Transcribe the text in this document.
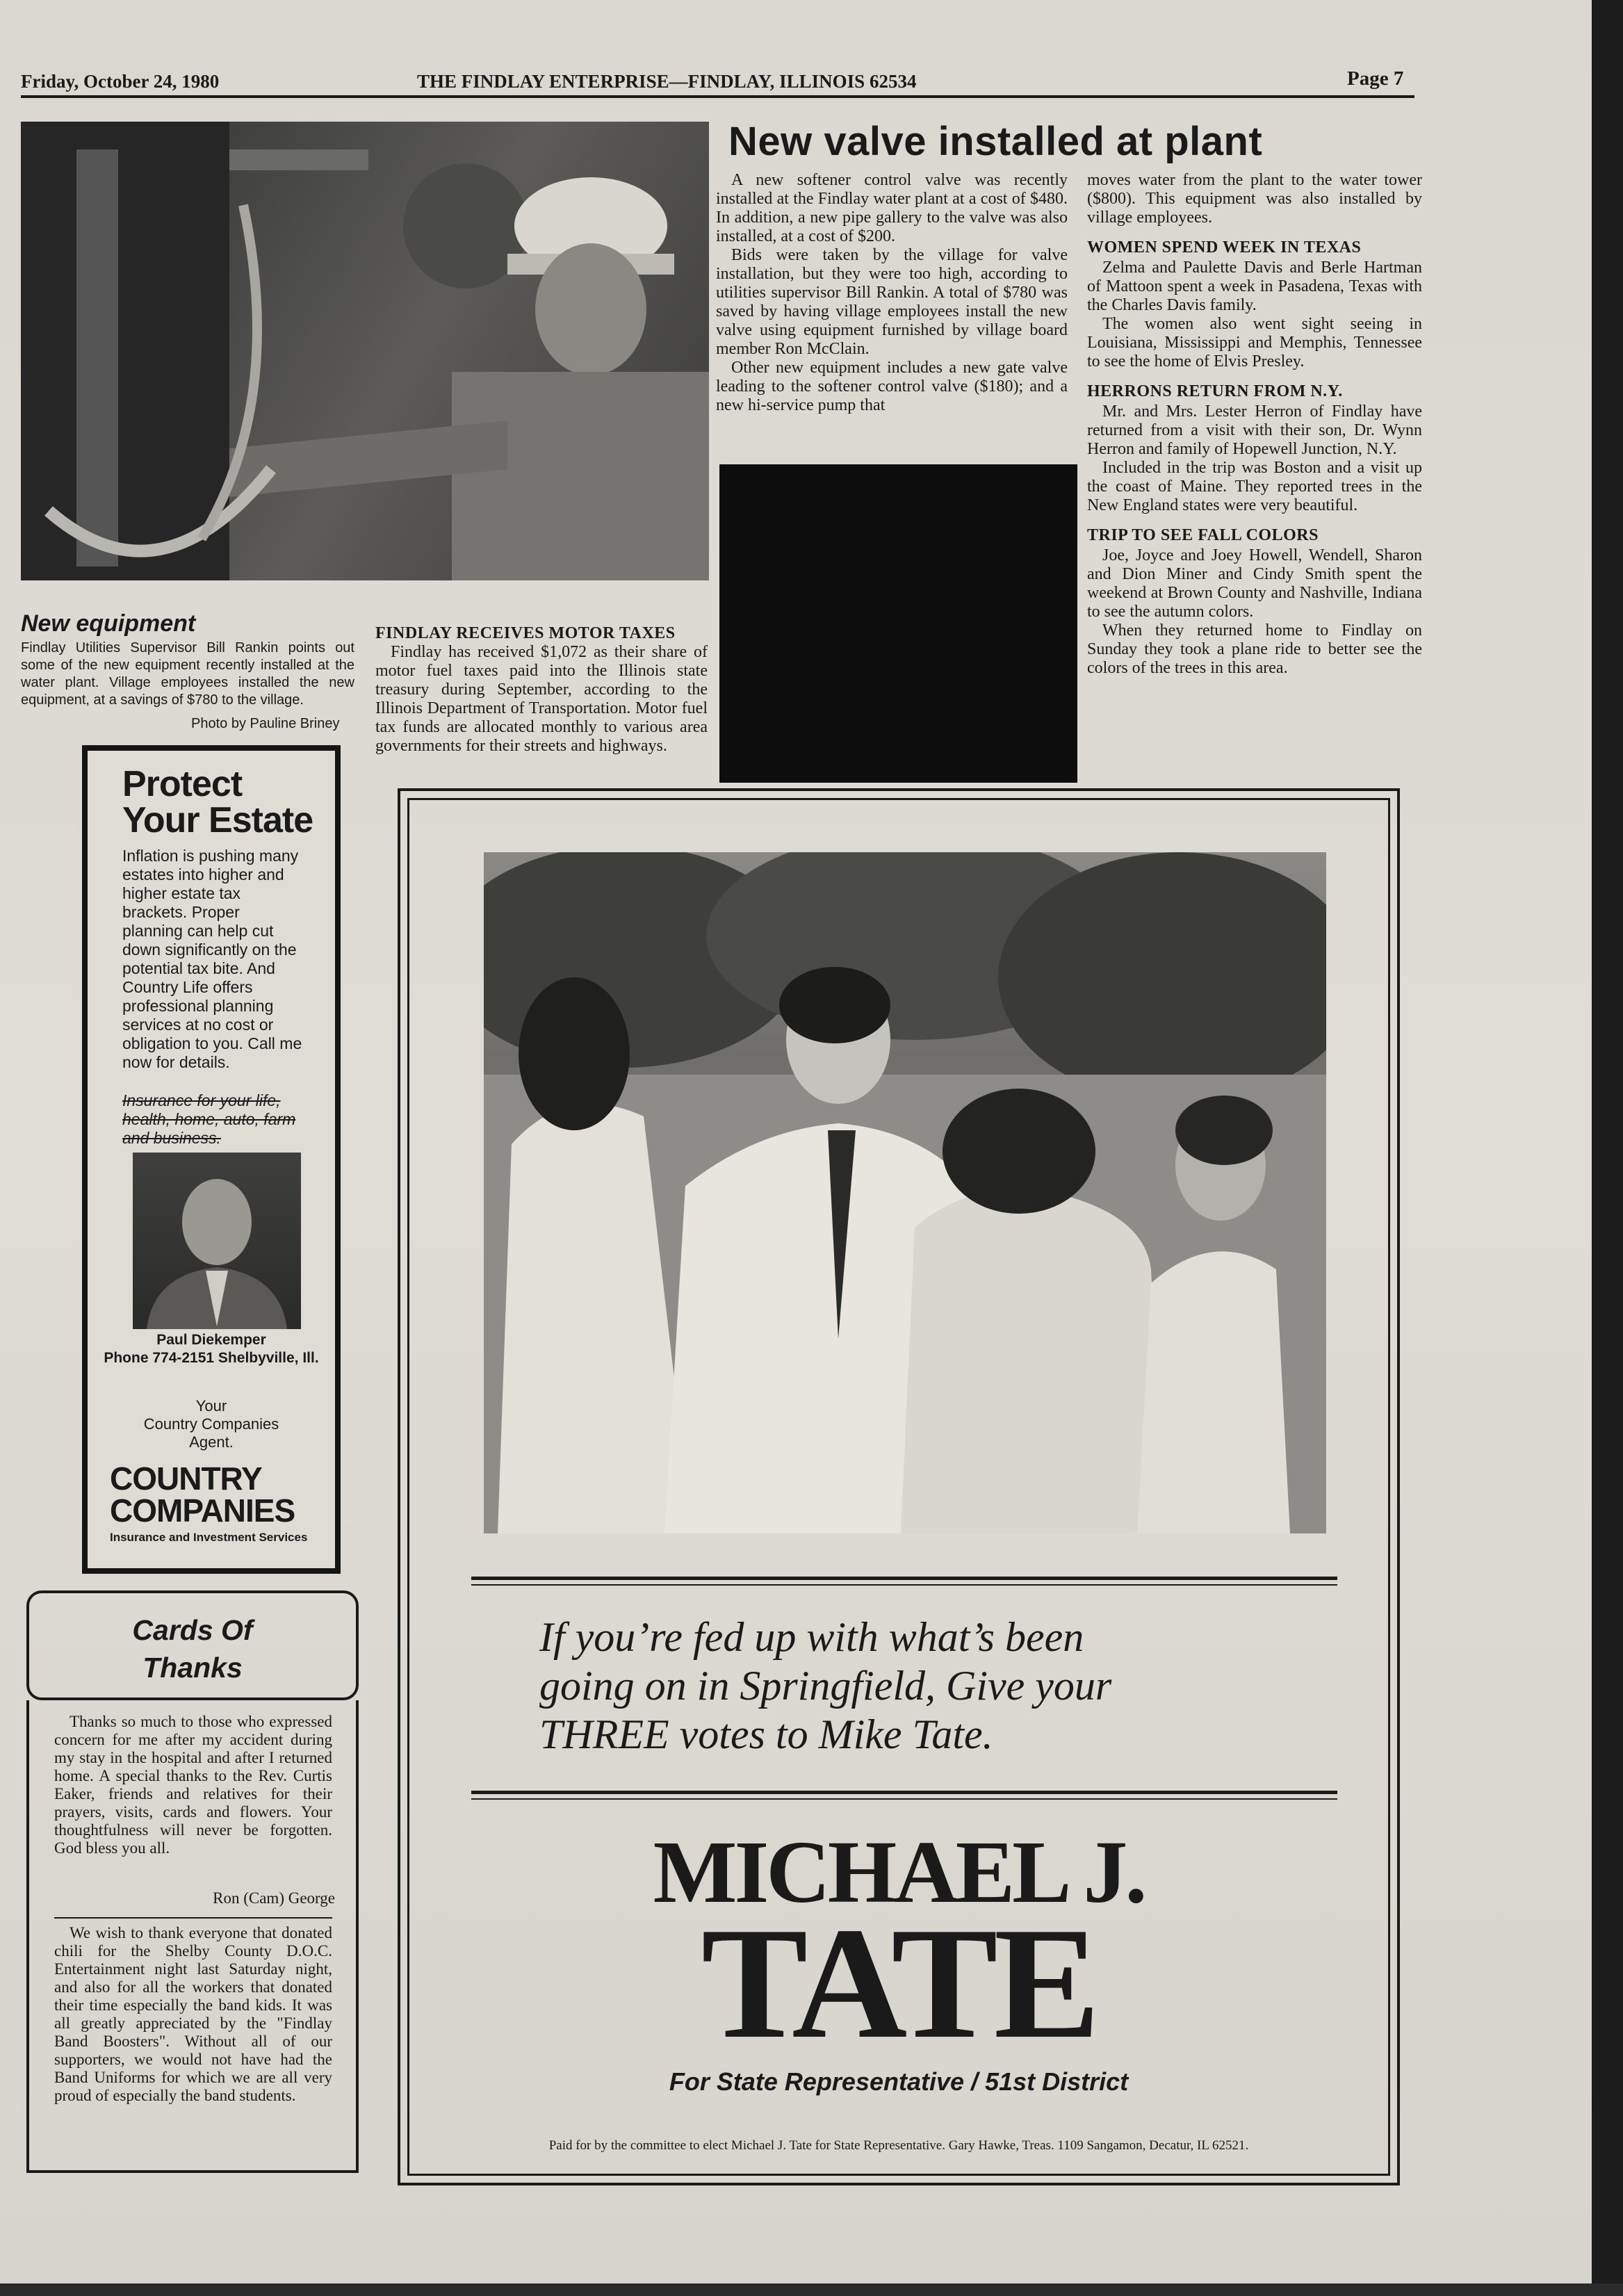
Friday, October 24, 1980	THE FINDLAY ENTERPRISE—FINDLAY, ILLINOIS 62534	Page 7
New equipment
Findlay Utilities Supervisor Bill Rankin points out some of the new equipment recently installed at the water plant. Village employees installed the new equipment, at a savings of $780 to the village.
Photo by Pauline Briney
New valve installed at plant

A new softener control valve was recently installed at the Findlay water plant at a cost of $480. In addition, a new pipe gallery to the valve was also installed, at a cost of $200.

Bids were taken by the village for valve installation, but they were too high, according to utilities supervisor Bill Rankin. A total of $780 was saved by having village employees install the new valve using equipment furnished by village board member Ron McClain.

Other new equipment includes a new gate valve leading to the softener control valve ($180); and a new hi-service pump that

moves water from the plant to the water tower ($800). This equipment was also installed by village employees.

WOMEN SPEND WEEK IN TEXAS

Zelma and Paulette Davis and Berle Hartman of Mattoon spent a week in Pasadena, Texas with the Charles Davis family.

The women also went sight seeing in Louisiana, Mississippi and Memphis, Tennessee to see the home of Elvis Presley.

HERRONS RETURN FROM N.Y.

Mr. and Mrs. Lester Herron of Findlay have returned from a visit with their son, Dr. Wynn Herron and family of Hopewell Junction, N.Y.

Included in the trip was Boston and a visit up the coast of Maine. They reported trees in the New England states were very beautiful.

TRIP TO SEE FALL COLORS

Joe, Joyce and Joey Howell, Wendell, Sharon and Dion Miner and Cindy Smith spent the weekend at Brown County and Nashville, Indiana to see the autumn colors.

When they returned home to Findlay on Sunday they took a plane ride to better see the colors of the trees in this area.

FINDLAY RECEIVES MOTOR TAXES
Findlay has received $1,072 as their share of motor fuel taxes paid into the Illinois state treasury during September, according to the Illinois Department of Transportation. Motor fuel tax funds are allocated monthly to various area governments for their streets and highways.
Protect
Your Estate
Inflation is pushing many estates into higher and higher estate tax brackets. Proper planning can help cut down significantly on the potential tax bite. And Country Life offers professional planning services at no cost or obligation to you. Call me now for details.
Insurance for your life, health, home, auto, farm and business.
Paul Diekemper
Phone 774-2151 Shelbyville, Ill.
Your
Country Companies
Agent.
COUNTRY
COMPANIES
Insurance and Investment Services
Cards Of
Thanks
Thanks so much to those who expressed concern for me after my accident during my stay in the hospital and after I returned home. A special thanks to the Rev. Curtis Eaker, friends and relatives for their prayers, visits, cards and flowers. Your thoughtfulness will never be forgotten. God bless you all.
Ron (Cam) George
We wish to thank everyone that donated chili for the Shelby County D.O.C. Entertainment night last Saturday night, and also for all the workers that donated their time especially the band kids. It was all greatly appreciated by the "Findlay Band Boosters". Without all of our supporters, we would not have had the Band Uniforms for which we are all very proud of especially the band students.
If you’re fed up with what’s been
going on in Springfield, Give your
THREE votes to Mike Tate.
MICHAEL J.
TATE
For State Representative / 51st District
Paid for by the committee to elect Michael J. Tate for State Representative. Gary Hawke, Treas. 1109 Sangamon, Decatur, IL 62521.
